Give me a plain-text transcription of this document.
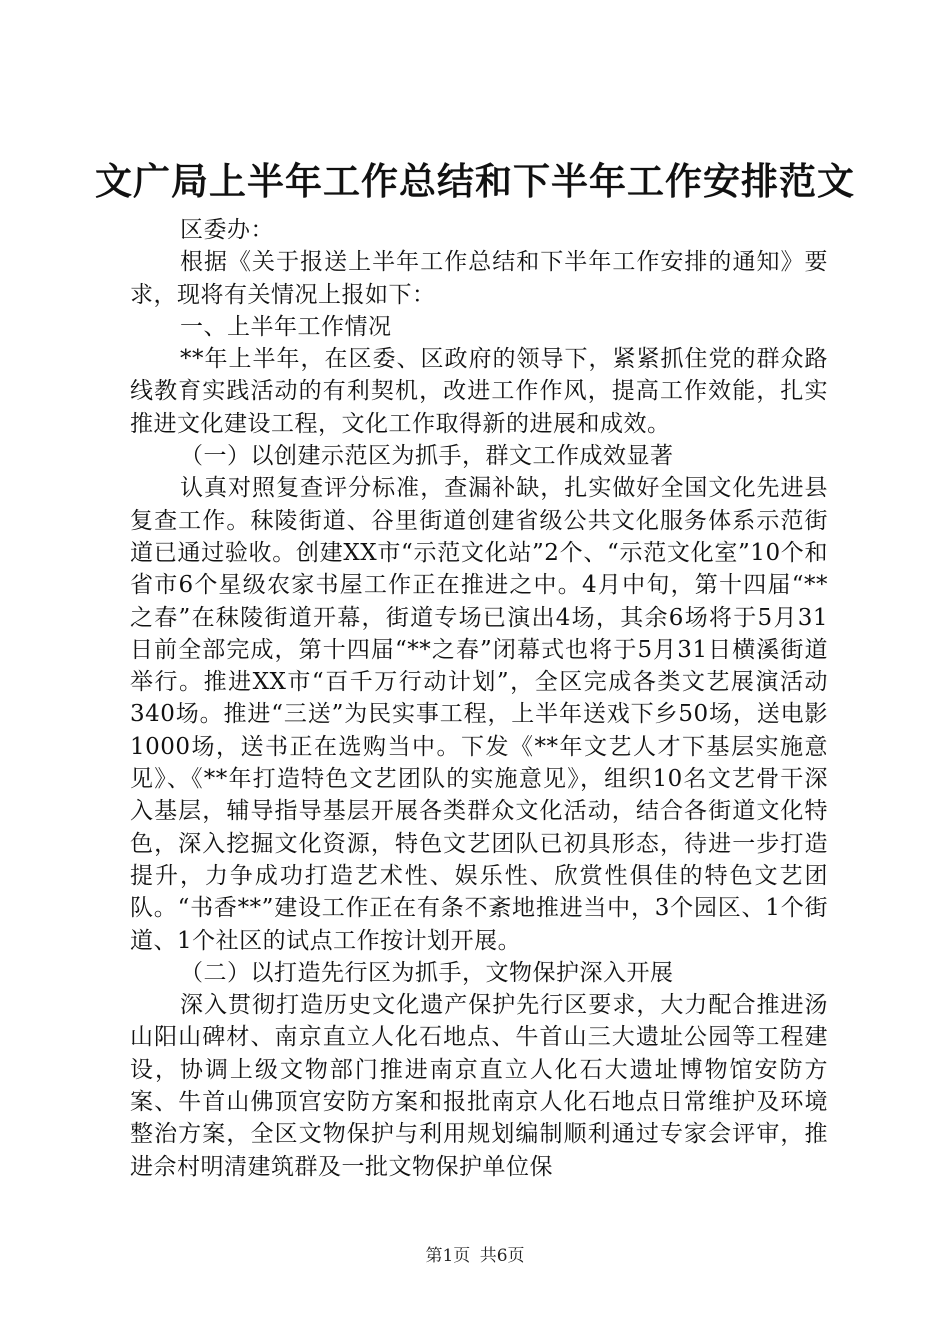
文广局上半年工作总结和下半年工作安排范文

区委办：

根据《关于报送上半年工作总结和下半年工作安排的通知》要求，现将有关情况上报如下：

一、上半年工作情况

**年上半年，在区委、区政府的领导下，紧紧抓住党的群众路线教育实践活动的有利契机，改进工作作风，提高工作效能，扎实推进文化建设工程，文化工作取得新的进展和成效。

（一）以创建示范区为抓手，群文工作成效显著

认真对照复查评分标准，查漏补缺，扎实做好全国文化先进县复查工作。秣陵街道、谷里街道创建省级公共文化服务体系示范街道已通过验收。创建XX市“示范文化站”2个、“示范文化室”10个和省市6个星级农家书屋工作正在推进之中。4月中旬，第十四届“**之春”在秣陵街道开幕，街道专场已演出4场，其余6场将于5月31日前全部完成，第十四届“**之春”闭幕式也将于5月31日横溪街道举行。推进XX市“百千万行动计划”，全区完成各类文艺展演活动340场。推进“三送”为民实事工程，上半年送戏下乡50场，送电影1000场，送书正在选购当中。下发《**年文艺人才下基层实施意见》、《**年打造特色文艺团队的实施意见》，组织10名文艺骨干深入基层，辅导指导基层开展各类群众文化活动，结合各街道文化特色，深入挖掘文化资源，特色文艺团队已初具形态，待进一步打造提升，力争成功打造艺术性、娱乐性、欣赏性俱佳的特色文艺团队。“书香**”建设工作正在有条不紊地推进当中，3个园区、1个街道、1个社区的试点工作按计划开展。

（二）以打造先行区为抓手，文物保护深入开展

深入贯彻打造历史文化遗产保护先行区要求，大力配合推进汤山阳山碑材、南京直立人化石地点、牛首山三大遗址公园等工程建设，协调上级文物部门推进南京直立人化石大遗址博物馆安防方案、牛首山佛顶宫安防方案和报批南京人化石地点日常维护及环境整治方案，全区文物保护与利用规划编制顺利通过专家会评审，推进佘村明清建筑群及一批文物保护单位保

第1页 共6页
